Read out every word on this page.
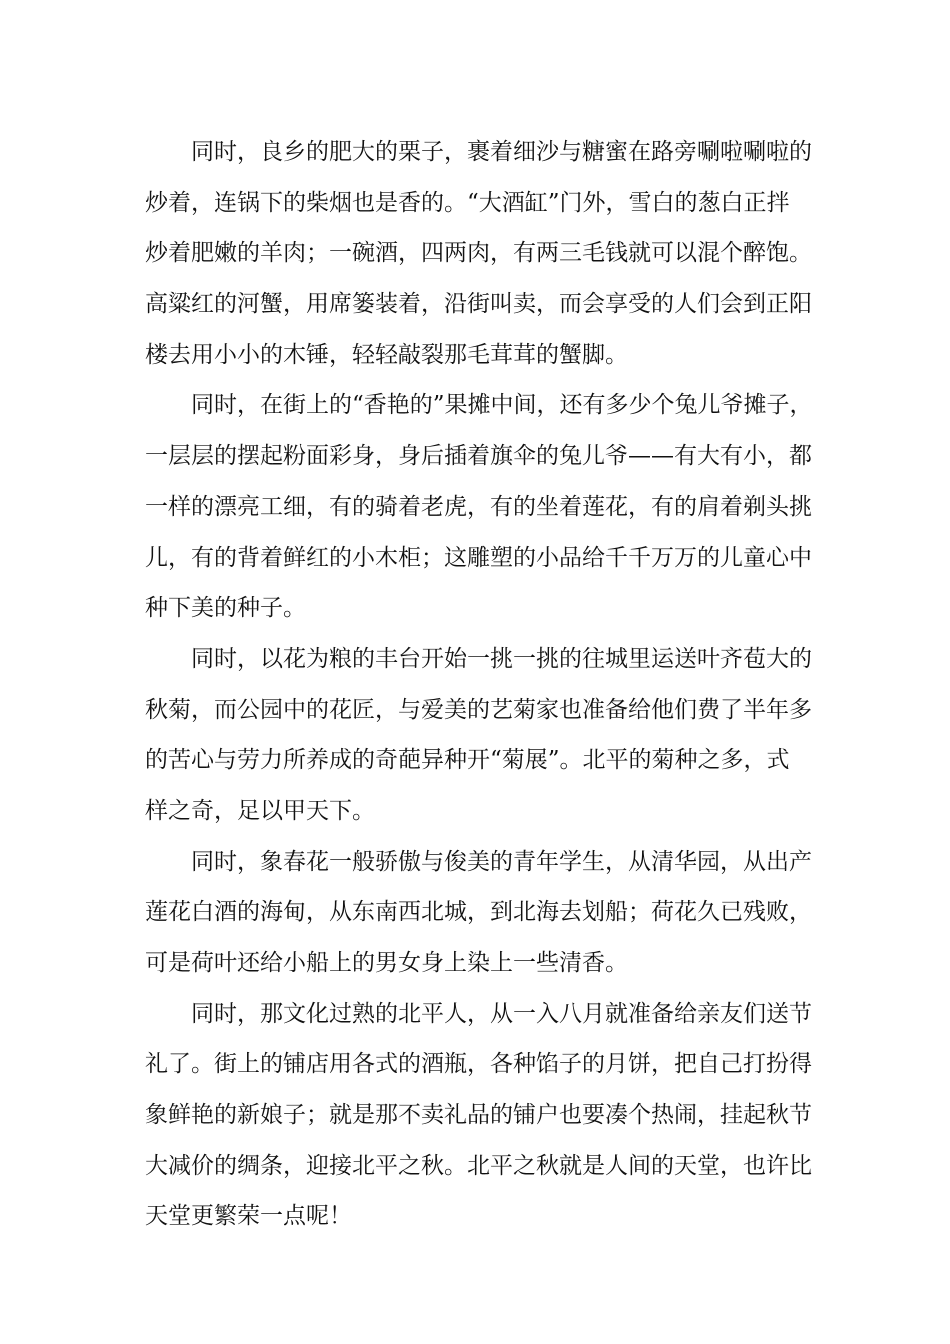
同时，良乡的肥大的栗子，裹着细沙与糖蜜在路旁唰啦唰啦的
炒着，连锅下的柴烟也是香的。“大酒缸”门外，雪白的葱白正拌
炒着肥嫩的羊肉；一碗酒，四两肉，有两三毛钱就可以混个醉饱。
高粱红的河蟹，用席篓装着，沿街叫卖，而会享受的人们会到正阳
楼去用小小的木锤，轻轻敲裂那毛茸茸的蟹脚。
同时，在街上的“香艳的”果摊中间，还有多少个兔儿爷摊子，
一层层的摆起粉面彩身，身后插着旗伞的兔儿爷——有大有小，都
一样的漂亮工细，有的骑着老虎，有的坐着莲花，有的肩着剃头挑
儿，有的背着鲜红的小木柜；这雕塑的小品给千千万万的儿童心中
种下美的种子。
同时，以花为粮的丰台开始一挑一挑的往城里运送叶齐苞大的
秋菊，而公园中的花匠，与爱美的艺菊家也准备给他们费了半年多
的苦心与劳力所养成的奇葩异种开“菊展”。北平的菊种之多，式
样之奇，足以甲天下。
同时，象春花一般骄傲与俊美的青年学生，从清华园，从出产
莲花白酒的海甸，从东南西北城，到北海去划船；荷花久已残败，
可是荷叶还给小船上的男女身上染上一些清香。
同时，那文化过熟的北平人，从一入八月就准备给亲友们送节
礼了。街上的铺店用各式的酒瓶，各种馅子的月饼，把自己打扮得
象鲜艳的新娘子；就是那不卖礼品的铺户也要凑个热闹，挂起秋节
大减价的绸条，迎接北平之秋。北平之秋就是人间的天堂，也许比
天堂更繁荣一点呢！
